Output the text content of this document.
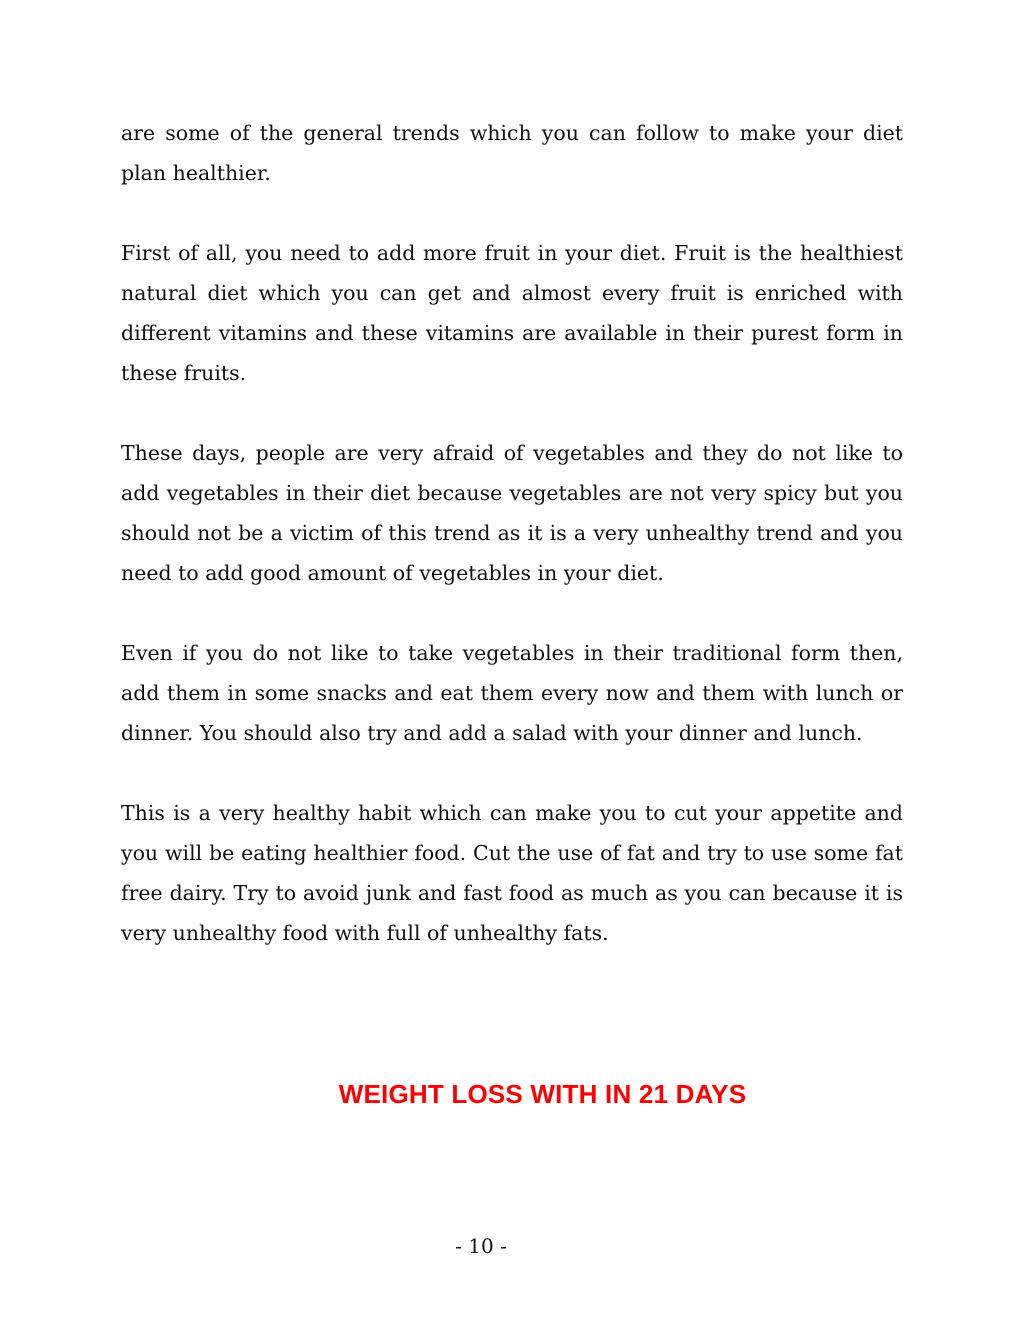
are some of the general trends which you can follow to make your diet plan healthier.

First of all, you need to add more fruit in your diet. Fruit is the healthiest natural diet which you can get and almost every fruit is enriched with different vitamins and these vitamins are available in their purest form in these fruits.

These days, people are very afraid of vegetables and they do not like to add vegetables in their diet because vegetables are not very spicy but you should not be a victim of this trend as it is a very unhealthy trend and you need to add good amount of vegetables in your diet.

Even if you do not like to take vegetables in their traditional form then, add them in some snacks and eat them every now and them with lunch or dinner. You should also try and add a salad with your dinner and lunch.

This is a very healthy habit which can make you to cut your appetite and you will be eating healthier food. Cut the use of fat and try to use some fat free dairy. Try to avoid junk and fast food as much as you can because it is very unhealthy food with full of unhealthy fats.

WEIGHT LOSS WITH IN 21 DAYS
- 10 -
